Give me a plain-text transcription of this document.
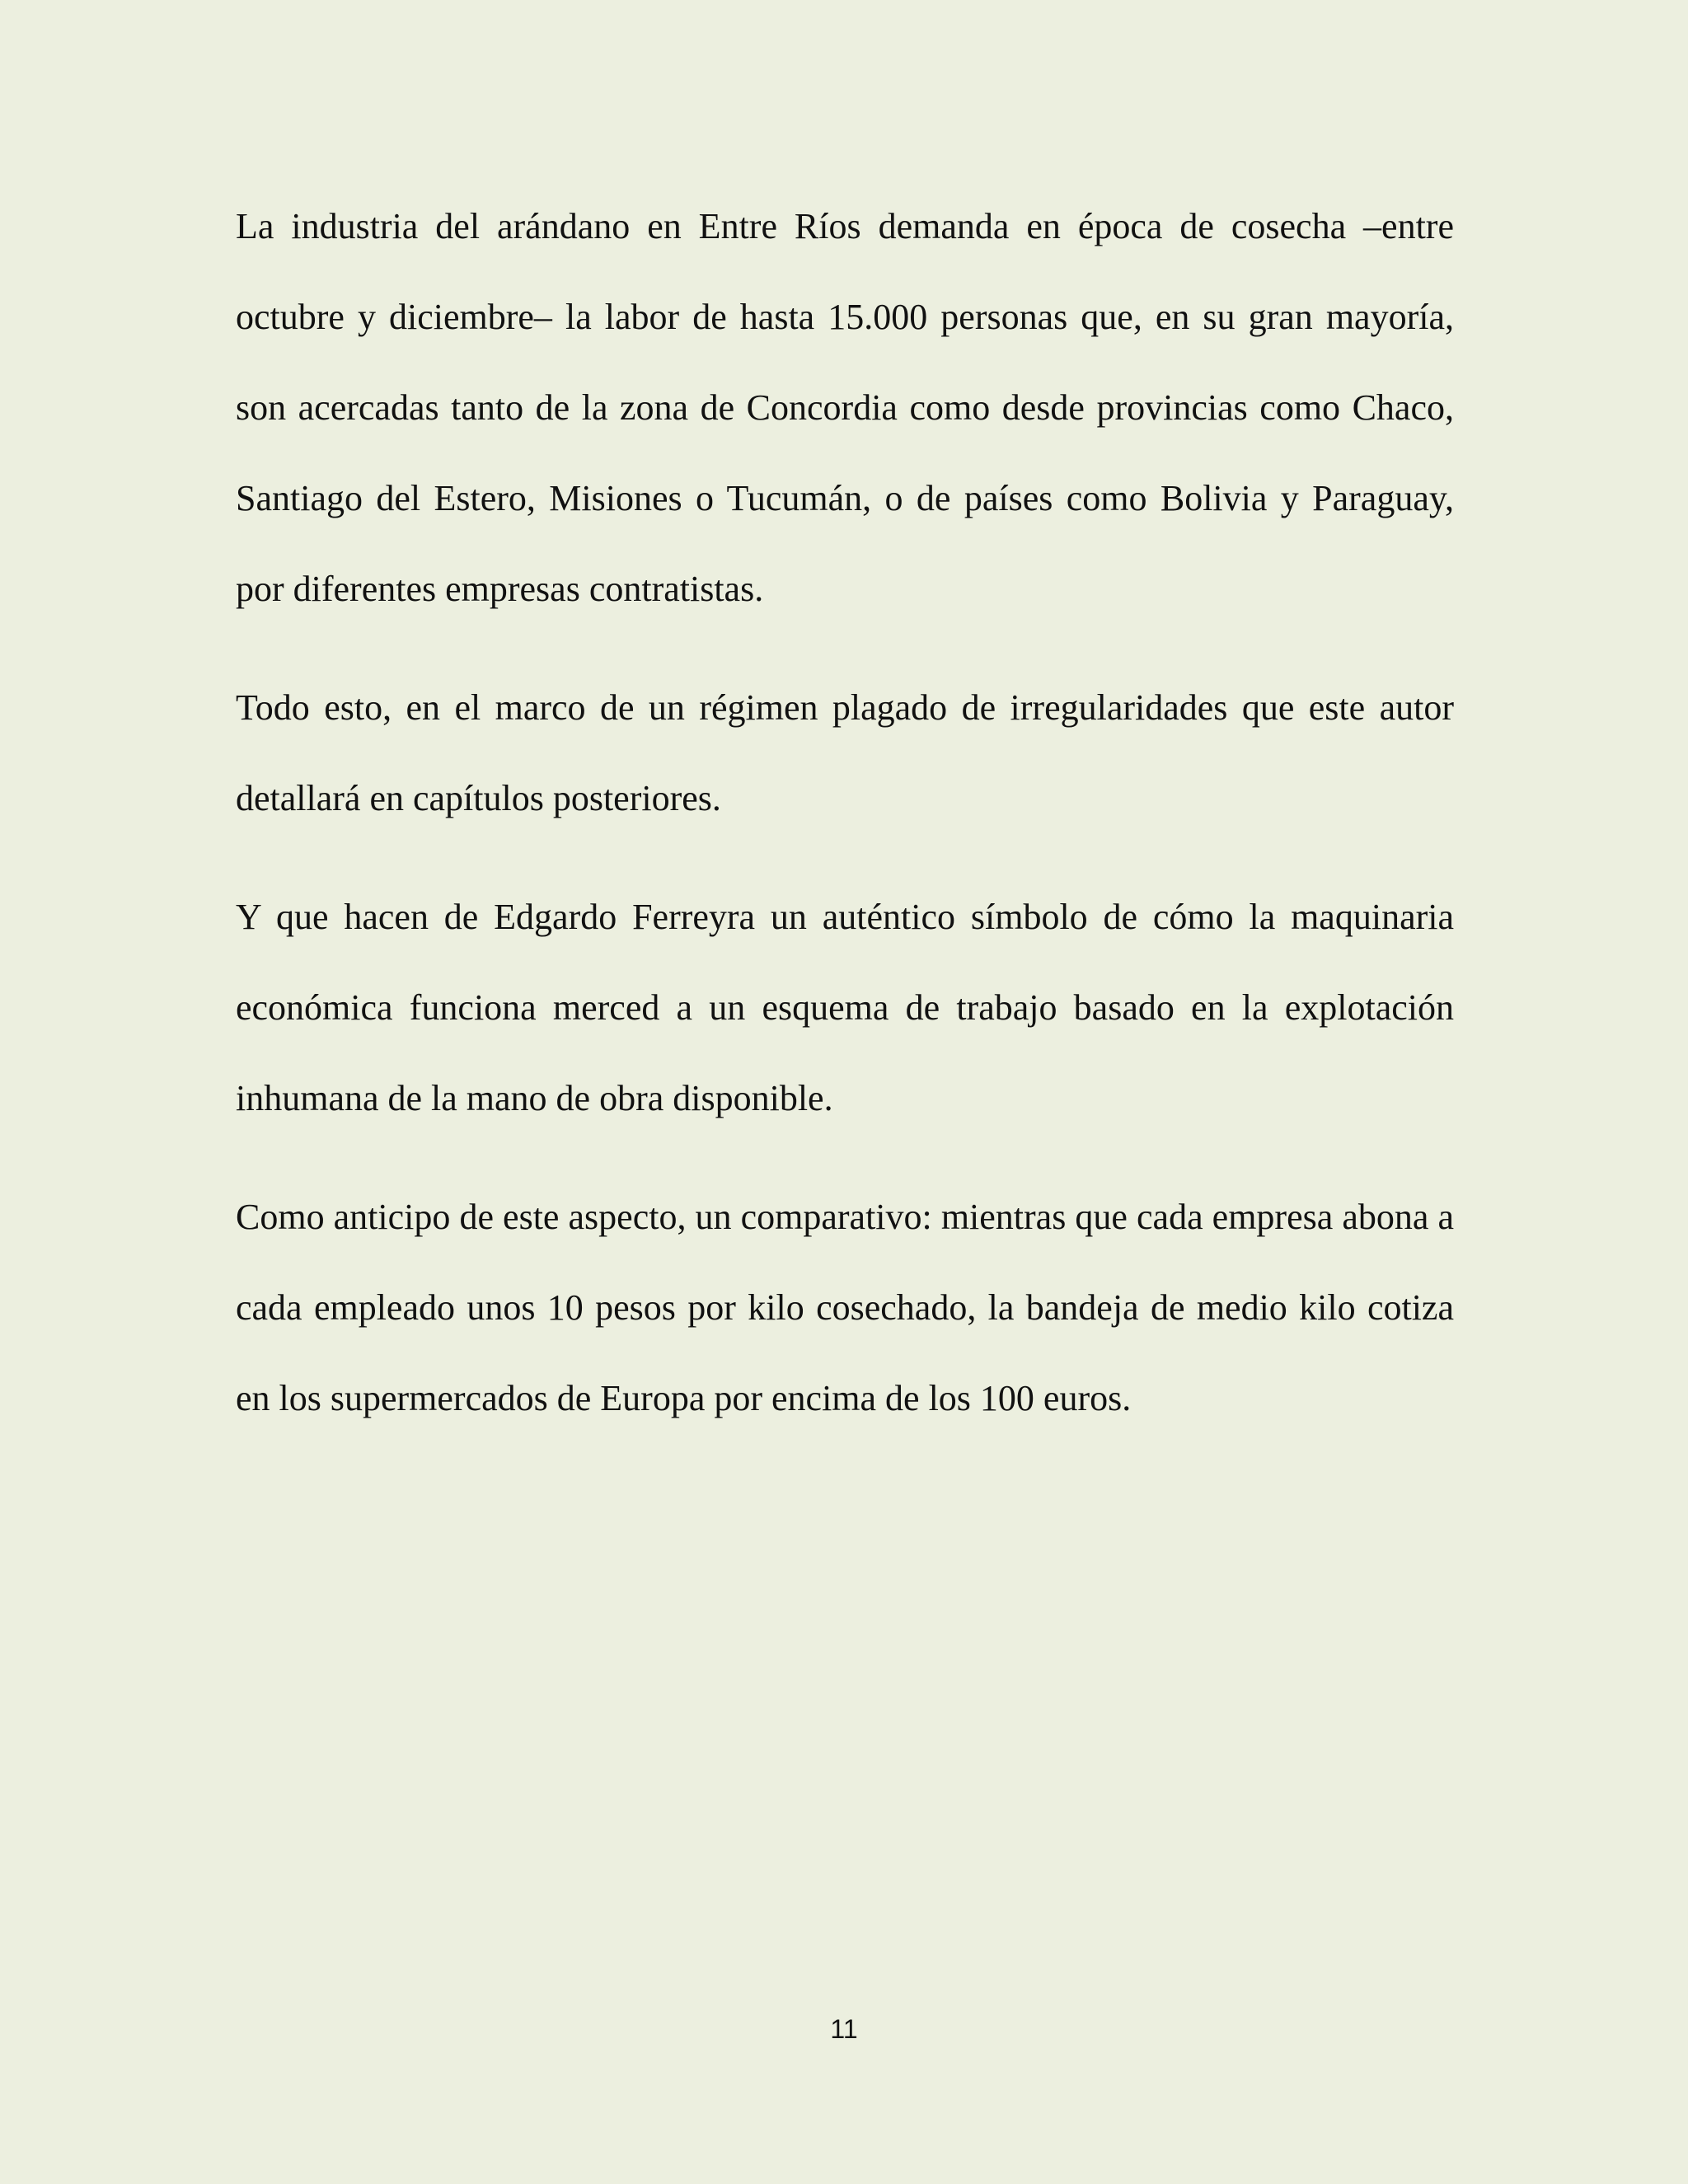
La industria del arándano en Entre Ríos demanda en época de cosecha –entre octubre y diciembre– la labor de hasta 15.000 personas que, en su gran mayoría, son acercadas tanto de la zona de Concordia como desde provincias como Chaco, Santiago del Estero, Misiones o Tucumán, o de países como Bolivia y Paraguay, por diferentes empresas contratistas.

Todo esto, en el marco de un régimen plagado de irregularidades que este autor detallará en capítulos posteriores.

Y que hacen de Edgardo Ferreyra un auténtico símbolo de cómo la maquinaria económica funciona merced a un esquema de trabajo basado en la explotación inhumana de la mano de obra disponible.

Como anticipo de este aspecto, un comparativo: mientras que cada empresa abona a cada empleado unos 10 pesos por kilo cosechado, la bandeja de medio kilo cotiza en los supermercados de Europa por encima de los 100 euros.

11
